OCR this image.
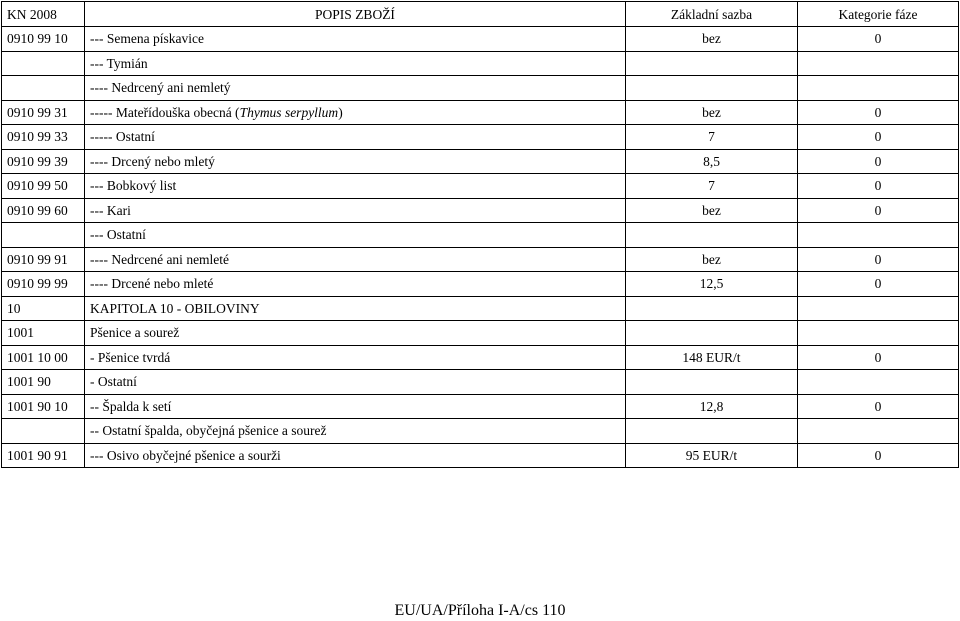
KN 2008	POPIS ZBOŽÍ	Základní sazba	Kategorie fáze
0910 99 10	--- Semena pískavice	bez	0
	--- Tymián		
	---- Nedrcený ani nemletý		
0910 99 31	----- Mateřídouška obecná (Thymus serpyllum)	bez	0
0910 99 33	----- Ostatní	7	0
0910 99 39	---- Drcený nebo mletý	8,5	0
0910 99 50	--- Bobkový list	7	0
0910 99 60	--- Kari	bez	0
	--- Ostatní		
0910 99 91	---- Nedrcené ani nemleté	bez	0
0910 99 99	---- Drcené nebo mleté	12,5	0
10	KAPITOLA 10 - OBILOVINY		
1001	Pšenice a sourež		
1001 10 00	- Pšenice tvrdá	148 EUR/t	0
1001 90	- Ostatní		
1001 90 10	-- Špalda k setí	12,8	0
	-- Ostatní špalda, obyčejná pšenice a sourež		
1001 90 91	--- Osivo obyčejné pšenice a sourži	95 EUR/t	0
EU/UA/Příloha I-A/cs 110
